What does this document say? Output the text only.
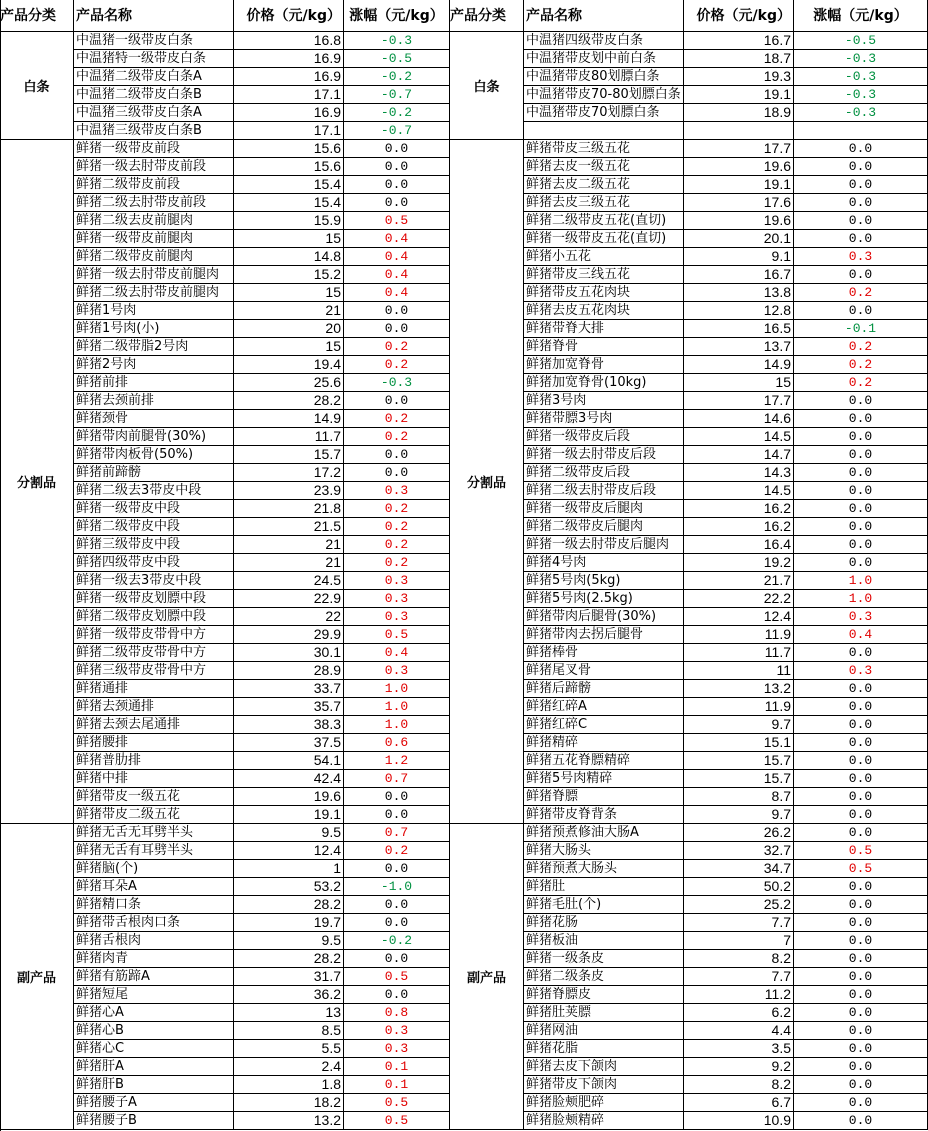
产品分类	产品名称	价格（元/kg） 涨幅（元/kg）
白条
中温猪一级带皮白条	16.8	-0.3
中温猪特一级带皮白条	16.9	-0.5
中温猪二级带皮白条A	16.9	-0.2
中温猪二级带皮白条B	17.1	-0.7
中温猪三级带皮白条A	16.9	-0.2
中温猪三级带皮白条B	17.1	-0.7
分割品
鲜猪一级带皮前段	15.6	0.0
鲜猪一级去肘带皮前段	15.6	0.0
鲜猪二级带皮前段	15.4	0.0
鲜猪二级去肘带皮前段	15.4	0.0
鲜猪二级去皮前腿肉	15.9	0.5
鲜猪一级带皮前腿肉	15	0.4
鲜猪二级带皮前腿肉	14.8	0.4
鲜猪一级去肘带皮前腿肉	15.2	0.4
鲜猪二级去肘带皮前腿肉	15	0.4
鲜猪1号肉	21	0.0
鲜猪1号肉(小)	20	0.0
鲜猪二级带脂2号肉	15	0.2
鲜猪2号肉	19.4	0.2
鲜猪前排	25.6	-0.3
鲜猪去颈前排	28.2	0.0
鲜猪颈骨	14.9	0.2
鲜猪带肉前腿骨(30%)	11.7	0.2
鲜猪带肉板骨(50%)	15.7	0.0
鲜猪前蹄髈	17.2	0.0
鲜猪二级去3带皮中段	23.9	0.3
鲜猪一级带皮中段	21.8	0.2
鲜猪二级带皮中段	21.5	0.2
鲜猪三级带皮中段	21	0.2
鲜猪四级带皮中段	21	0.2
鲜猪一级去3带皮中段	24.5	0.3
鲜猪一级带皮划膘中段	22.9	0.3
鲜猪二级带皮划膘中段	22	0.3
鲜猪一级带皮带骨中方	29.9	0.5
鲜猪二级带皮带骨中方	30.1	0.4
鲜猪三级带皮带骨中方	28.9	0.3
鲜猪通排	33.7	1.0
鲜猪去颈通排	35.7	1.0
鲜猪去颈去尾通排	38.3	1.0
鲜猪腰排	37.5	0.6
鲜猪普肋排	54.1	1.2
鲜猪中排	42.4	0.7
鲜猪带皮一级五花	19.6	0.0
鲜猪带皮二级五花	19.1	0.0
副产品
鲜猪无舌无耳劈半头	9.5	0.7
鲜猪无舌有耳劈半头	12.4	0.2
鲜猪脑(个)	1	0.0
鲜猪耳朵A	53.2	-1.0
鲜猪精口条	28.2	0.0
鲜猪带舌根肉口条	19.7	0.0
鲜猪舌根肉	9.5	-0.2
鲜猪肉青	28.2	0.0
鲜猪有筋蹄A	31.7	0.5
鲜猪短尾	36.2	0.0
鲜猪心A	13	0.8
鲜猪心B	8.5	0.3
鲜猪心C	5.5	0.3
鲜猪肝A	2.4	0.1
鲜猪肝B	1.8	0.1
鲜猪腰子A	18.2	0.5
鲜猪腰子B	13.2	0.5
产品分类	产品名称	价格（元/kg）	涨幅（元/kg）
白条
中温猪四级带皮白条	16.7	-0.5
中温猪带皮划中前白条	18.7	-0.3
中温猪带皮80划膘白条	19.3	-0.3
中温猪带皮70-80划膘白条	19.1	-0.3
中温猪带皮70划膘白条	18.9	-0.3
分割品
鲜猪带皮三级五花	17.7	0.0
鲜猪去皮一级五花	19.6	0.0
鲜猪去皮二级五花	19.1	0.0
鲜猪去皮三级五花	17.6	0.0
鲜猪二级带皮五花(直切)	19.6	0.0
鲜猪一级带皮五花(直切)	20.1	0.0
鲜猪小五花	9.1	0.3
鲜猪带皮三线五花	16.7	0.0
鲜猪带皮五花肉块	13.8	0.2
鲜猪去皮五花肉块	12.8	0.0
鲜猪带脊大排	16.5	-0.1
鲜猪脊骨	13.7	0.2
鲜猪加宽脊骨	14.9	0.2
鲜猪加宽脊骨(10kg)	15	0.2
鲜猪3号肉	17.7	0.0
鲜猪带膘3号肉	14.6	0.0
鲜猪一级带皮后段	14.5	0.0
鲜猪一级去肘带皮后段	14.7	0.0
鲜猪二级带皮后段	14.3	0.0
鲜猪二级去肘带皮后段	14.5	0.0
鲜猪一级带皮后腿肉	16.2	0.0
鲜猪二级带皮后腿肉	16.2	0.0
鲜猪一级去肘带皮后腿肉	16.4	0.0
鲜猪4号肉	19.2	0.0
鲜猪5号肉(5kg)	21.7	1.0
鲜猪5号肉(2.5kg)	22.2	1.0
鲜猪带肉后腿骨(30%)	12.4	0.3
鲜猪带肉去拐后腿骨	11.9	0.4
鲜猪棒骨	11.7	0.0
鲜猪尾叉骨	11	0.3
鲜猪后蹄髈	13.2	0.0
鲜猪红碎A	11.9	0.0
鲜猪红碎C	9.7	0.0
鲜猪精碎	15.1	0.0
鲜猪五花脊膘精碎	15.7	0.0
鲜猪5号肉精碎	15.7	0.0
鲜猪脊膘	8.7	0.0
鲜猪带皮脊背条	9.7	0.0
副产品
鲜猪预煮修油大肠A	26.2	0.0
鲜猪大肠头	32.7	0.5
鲜猪预煮大肠头	34.7	0.5
鲜猪肚	50.2	0.0
鲜猪毛肚(个)	25.2	0.0
鲜猪花肠	7.7	0.0
鲜猪板油	7	0.0
鲜猪一级条皮	8.2	0.0
鲜猪二级条皮	7.7	0.0
鲜猪脊膘皮	11.2	0.0
鲜猪肚荚膘	6.2	0.0
鲜猪网油	4.4	0.0
鲜猪花脂	3.5	0.0
鲜猪去皮下颌肉	9.2	0.0
鲜猪带皮下颌肉	8.2	0.0
鲜猪脸颊肥碎	6.7	0.0
鲜猪脸颊精碎	10.9	0.0
